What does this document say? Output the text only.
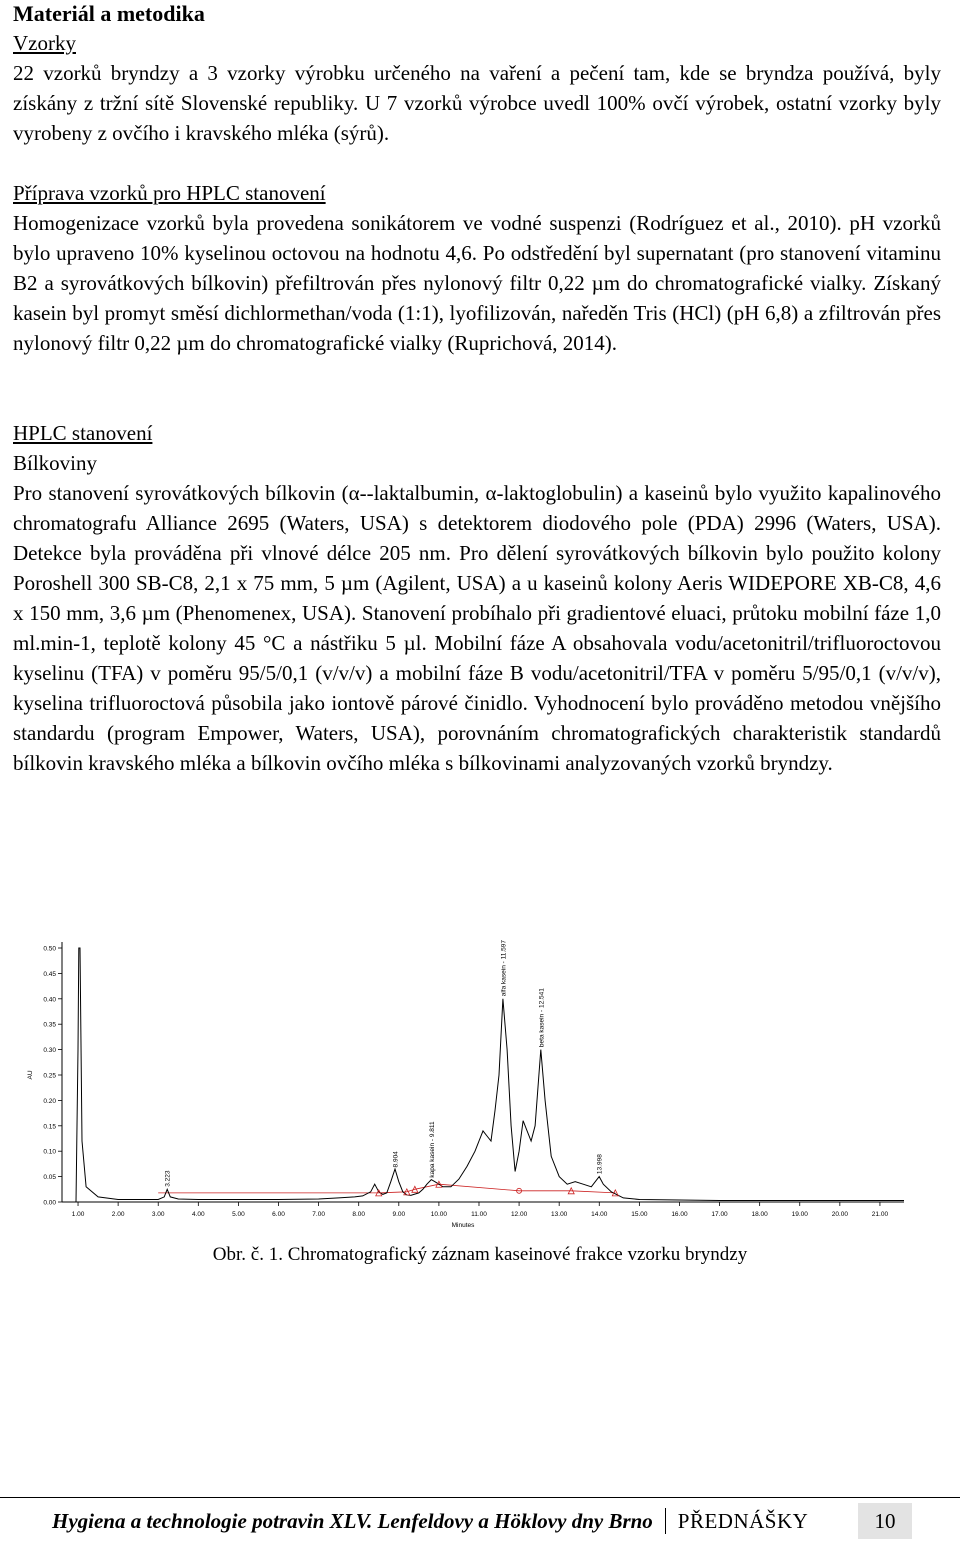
Materiál a metodika

Vzorky

22 vzorků bryndzy a 3 vzorky výrobku určeného na vaření a pečení tam, kde se bryndza používá, byly získány z tržní sítě Slovenské republiky. U 7 vzorků výrobce uvedl 100% ovčí výrobek, ostatní vzorky byly vyrobeny z ovčího i kravského mléka (sýrů).

Příprava vzorků pro HPLC stanovení

Homogenizace vzorků byla provedena sonikátorem ve vodné suspenzi (Rodríguez et al., 2010). pH vzorků bylo upraveno 10% kyselinou octovou na hodnotu 4,6. Po odstředění byl supernatant (pro stanovení vitaminu B2 a syrovátkových bílkovin) přefiltrován přes nylonový filtr 0,22 µm do chromatografické vialky. Získaný kasein byl promyt směsí dichlormethan/voda (1:1), lyofilizován, naředěn Tris (HCl) (pH 6,8) a zfiltrován přes nylonový filtr 0,22 µm do chromatografické vialky (Ruprichová, 2014).

HPLC stanovení

Bílkoviny

Pro stanovení syrovátkových bílkovin (α--laktalbumin, α-laktoglobulin) a kaseinů bylo využito kapalinového chromatografu Alliance 2695 (Waters, USA) s detektorem diodového pole (PDA) 2996 (Waters, USA). Detekce byla prováděna při vlnové délce 205 nm. Pro dělení syrovátkových bílkovin bylo použito kolony Poroshell 300 SB-C8, 2,1 x 75 mm, 5 µm (Agilent, USA) a u kaseinů kolony Aeris WIDEPORE XB-C8, 4,6 x 150 mm, 3,6 µm (Phenomenex, USA). Stanovení probíhalo při gradientové eluaci, průtoku mobilní fáze 1,0 ml.min-1, teplotě kolony 45 °C a nástřiku 5 µl. Mobilní fáze A obsahovala vodu/acetonitril/trifluoroctovou kyselinu (TFA) v poměru 95/5/0,1 (v/v/v) a mobilní fáze B vodu/acetonitril/TFA v poměru 5/95/0,1 (v/v/v), kyselina trifluoroctová působila jako iontově párové činidlo. Vyhodnocení bylo prováděno metodou vnějšího standardu (program Empower, Waters, USA), porovnáním chromatografických charakteristik standardů bílkovin kravského mléka a bílkovin ovčího mléka s bílkovinami analyzovaných vzorků bryndzy.

0.00
0.05
0.10
0.15
0.20
0.25
0.30
0.35
0.40
0.45
0.50
1.00	2.00	3.00	4.00	5.00	6.00	7.00	8.00	9.00	10.00	11.00	12.00	13.00	14.00	15.00	16.00	17.00	18.00	19.00	20.00	21.00
Minutes
AU
3.223
8.904	kapa kasein - 9.811
alfa kasein - 11.597
beta kasein - 12.541
13.998
Obr. č. 1. Chromatografický záznam kaseinové frakce vzorku bryndzy
Hygiena a technologie potravin XLV. Lenfeldovy a Höklovy dny Brno PŘEDNÁŠKY	10
